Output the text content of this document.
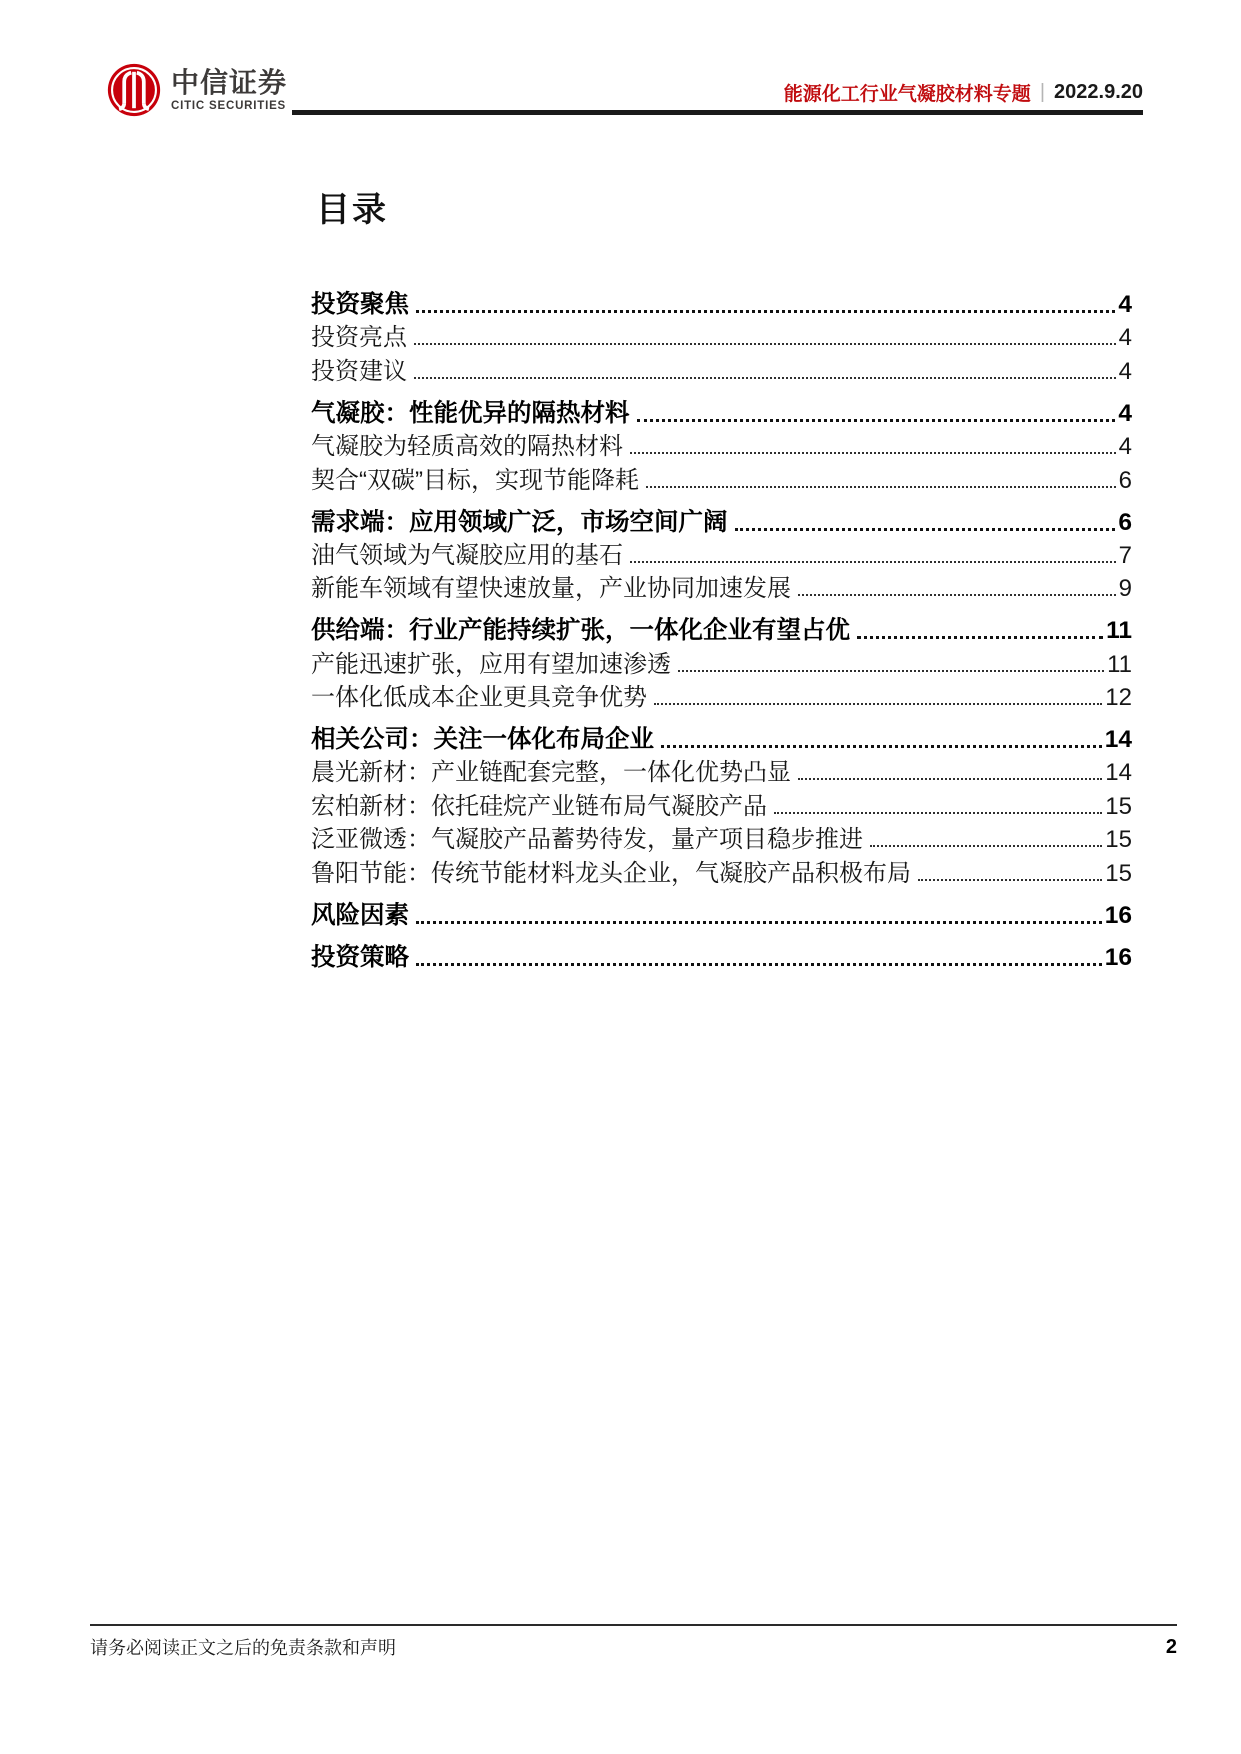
中信证券
CITIC SECURITIES
能源化工行业气凝胶材料专题 | 2022.9.20
目录
投资聚焦	4
投资亮点	4
投资建议	4
气凝胶：性能优异的隔热材料	4
气凝胶为轻质高效的隔热材料	4
契合“双碳”目标，实现节能降耗	6
需求端：应用领域广泛，市场空间广阔	6
油气领域为气凝胶应用的基石	7
新能车领域有望快速放量，产业协同加速发展	9
供给端：行业产能持续扩张，一体化企业有望占优	11
产能迅速扩张，应用有望加速渗透	11
一体化低成本企业更具竞争优势	12
相关公司：关注一体化布局企业	14
晨光新材：产业链配套完整，一体化优势凸显	14
宏柏新材：依托硅烷产业链布局气凝胶产品	15
泛亚微透：气凝胶产品蓄势待发，量产项目稳步推进	15
鲁阳节能：传统节能材料龙头企业，气凝胶产品积极布局	15
风险因素	16
投资策略	16
请务必阅读正文之后的免责条款和声明	2
